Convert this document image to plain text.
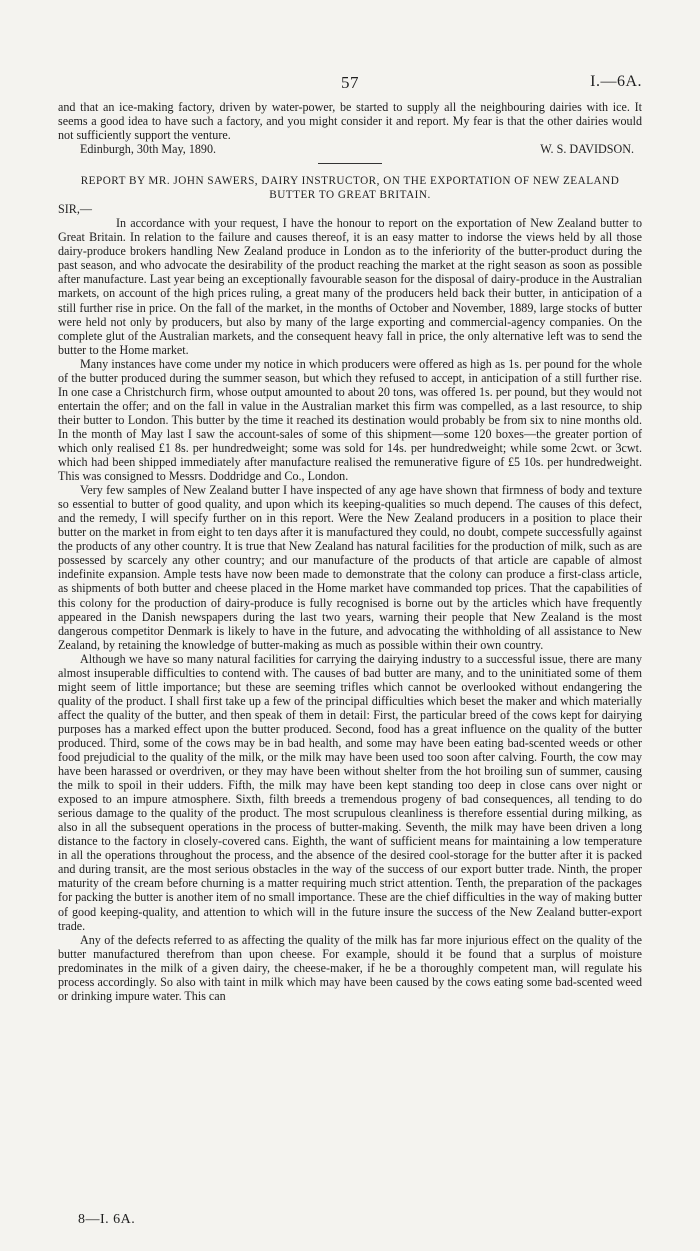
57	I.—6A.

and that an ice-making factory, driven by water-power, be started to supply all the neighbouring dairies with ice. It seems a good idea to have such a factory, and you might consider it and report. My fear is that the other dairies would not sufficiently support the venture.

Edinburgh, 30th May, 1890.	W. S. DAVIDSON.

REPORT BY MR. JOHN SAWERS, DAIRY INSTRUCTOR, ON THE EXPORTATION OF NEW ZEALAND BUTTER TO GREAT BRITAIN.

SIR,—

In accordance with your request, I have the honour to report on the exportation of New Zealand butter to Great Britain. In relation to the failure and causes thereof, it is an easy matter to indorse the views held by all those dairy-produce brokers handling New Zealand produce in London as to the inferiority of the butter-product during the past season, and who advocate the desirability of the product reaching the market at the right season as soon as possible after manufacture. Last year being an exceptionally favourable season for the disposal of dairy-produce in the Australian markets, on account of the high prices ruling, a great many of the producers held back their butter, in anticipation of a still further rise in price. On the fall of the market, in the months of October and November, 1889, large stocks of butter were held not only by producers, but also by many of the large exporting and commercial-agency companies. On the complete glut of the Australian markets, and the consequent heavy fall in price, the only alternative left was to send the butter to the Home market.

Many instances have come under my notice in which producers were offered as high as 1s. per pound for the whole of the butter produced during the summer season, but which they refused to accept, in anticipation of a still further rise. In one case a Christchurch firm, whose output amounted to about 20 tons, was offered 1s. per pound, but they would not entertain the offer; and on the fall in value in the Australian market this firm was compelled, as a last resource, to ship their butter to London. This butter by the time it reached its destination would probably be from six to nine months old. In the month of May last I saw the account-sales of some of this shipment—some 120 boxes—the greater portion of which only realised £1 8s. per hundredweight; some was sold for 14s. per hundredweight; while some 2cwt. or 3cwt. which had been shipped immediately after manufacture realised the remunerative figure of £5 10s. per hundredweight. This was consigned to Messrs. Doddridge and Co., London.

Very few samples of New Zealand butter I have inspected of any age have shown that firmness of body and texture so essential to butter of good quality, and upon which its keeping-qualities so much depend. The causes of this defect, and the remedy, I will specify further on in this report. Were the New Zealand producers in a position to place their butter on the market in from eight to ten days after it is manufactured they could, no doubt, compete successfully against the products of any other country. It is true that New Zealand has natural facilities for the production of milk, such as are possessed by scarcely any other country; and our manufacture of the products of that article are capable of almost indefinite expansion. Ample tests have now been made to demonstrate that the colony can produce a first-class article, as shipments of both butter and cheese placed in the Home market have commanded top prices. That the capabilities of this colony for the production of dairy-produce is fully recognised is borne out by the articles which have frequently appeared in the Danish newspapers during the last two years, warning their people that New Zealand is the most dangerous competitor Denmark is likely to have in the future, and advocating the withholding of all assistance to New Zealand, by retaining the knowledge of butter-making as much as possible within their own country.

Although we have so many natural facilities for carrying the dairying industry to a successful issue, there are many almost insuperable difficulties to contend with. The causes of bad butter are many, and to the uninitiated some of them might seem of little importance; but these are seeming trifles which cannot be overlooked without endangering the quality of the product. I shall first take up a few of the principal difficulties which beset the maker and which materially affect the quality of the butter, and then speak of them in detail: First, the particular breed of the cows kept for dairying purposes has a marked effect upon the butter produced. Second, food has a great influence on the quality of the butter produced. Third, some of the cows may be in bad health, and some may have been eating bad-scented weeds or other food prejudicial to the quality of the milk, or the milk may have been used too soon after calving. Fourth, the cow may have been harassed or overdriven, or they may have been without shelter from the hot broiling sun of summer, causing the milk to spoil in their udders. Fifth, the milk may have been kept standing too deep in close cans over night or exposed to an impure atmosphere. Sixth, filth breeds a tremendous progeny of bad consequences, all tending to do serious damage to the quality of the product. The most scrupulous cleanliness is therefore essential during milking, as also in all the subsequent operations in the process of butter-making. Seventh, the milk may have been driven a long distance to the factory in closely-covered cans. Eighth, the want of sufficient means for maintaining a low temperature in all the operations throughout the process, and the absence of the desired cool-storage for the butter after it is packed and during transit, are the most serious obstacles in the way of the success of our export butter trade. Ninth, the proper maturity of the cream before churning is a matter requiring much strict attention. Tenth, the preparation of the packages for packing the butter is another item of no small importance. These are the chief difficulties in the way of making butter of good keeping-quality, and attention to which will in the future insure the success of the New Zealand butter-export trade.

Any of the defects referred to as affecting the quality of the milk has far more injurious effect on the quality of the butter manufactured therefrom than upon cheese. For example, should it be found that a surplus of moisture predominates in the milk of a given dairy, the cheese-maker, if he be a thoroughly competent man, will regulate his process accordingly. So also with taint in milk which may have been caused by the cows eating some bad-scented weed or drinking impure water. This can

8—I. 6A.
